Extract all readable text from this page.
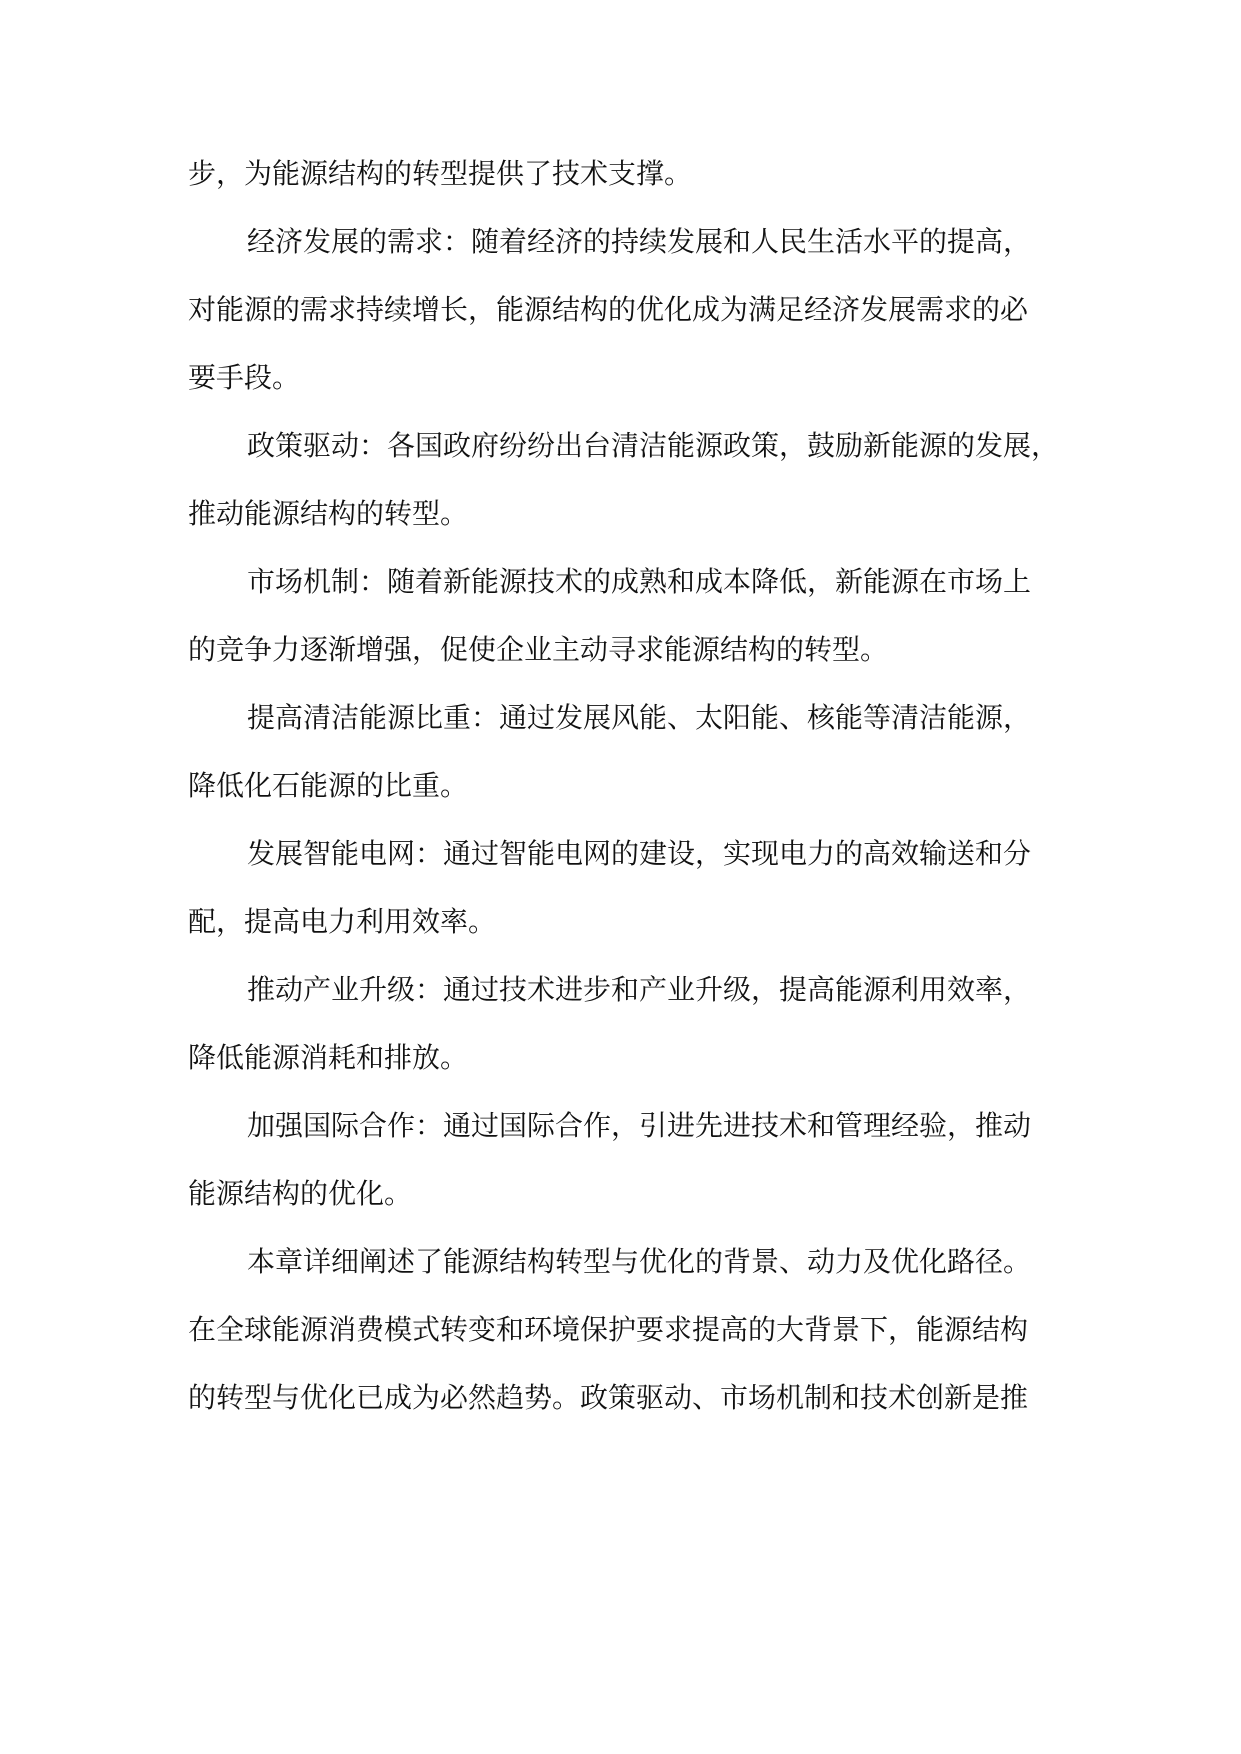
步，为能源结构的转型提供了技术支撑。

经济发展的需求：随着经济的持续发展和人民生活水平的提高，
对能源的需求持续增长，能源结构的优化成为满足经济发展需求的必
要手段。

政策驱动：各国政府纷纷出台清洁能源政策，鼓励新能源的发展，
推动能源结构的转型。

市场机制：随着新能源技术的成熟和成本降低，新能源在市场上
的竞争力逐渐增强，促使企业主动寻求能源结构的转型。

提高清洁能源比重：通过发展风能、太阳能、核能等清洁能源，
降低化石能源的比重。

发展智能电网：通过智能电网的建设，实现电力的高效输送和分
配，提高电力利用效率。

推动产业升级：通过技术进步和产业升级，提高能源利用效率，
降低能源消耗和排放。

加强国际合作：通过国际合作，引进先进技术和管理经验，推动
能源结构的优化。

本章详细阐述了能源结构转型与优化的背景、动力及优化路径。
在全球能源消费模式转变和环境保护要求提高的大背景下，能源结构
的转型与优化已成为必然趋势。政策驱动、市场机制和技术创新是推
